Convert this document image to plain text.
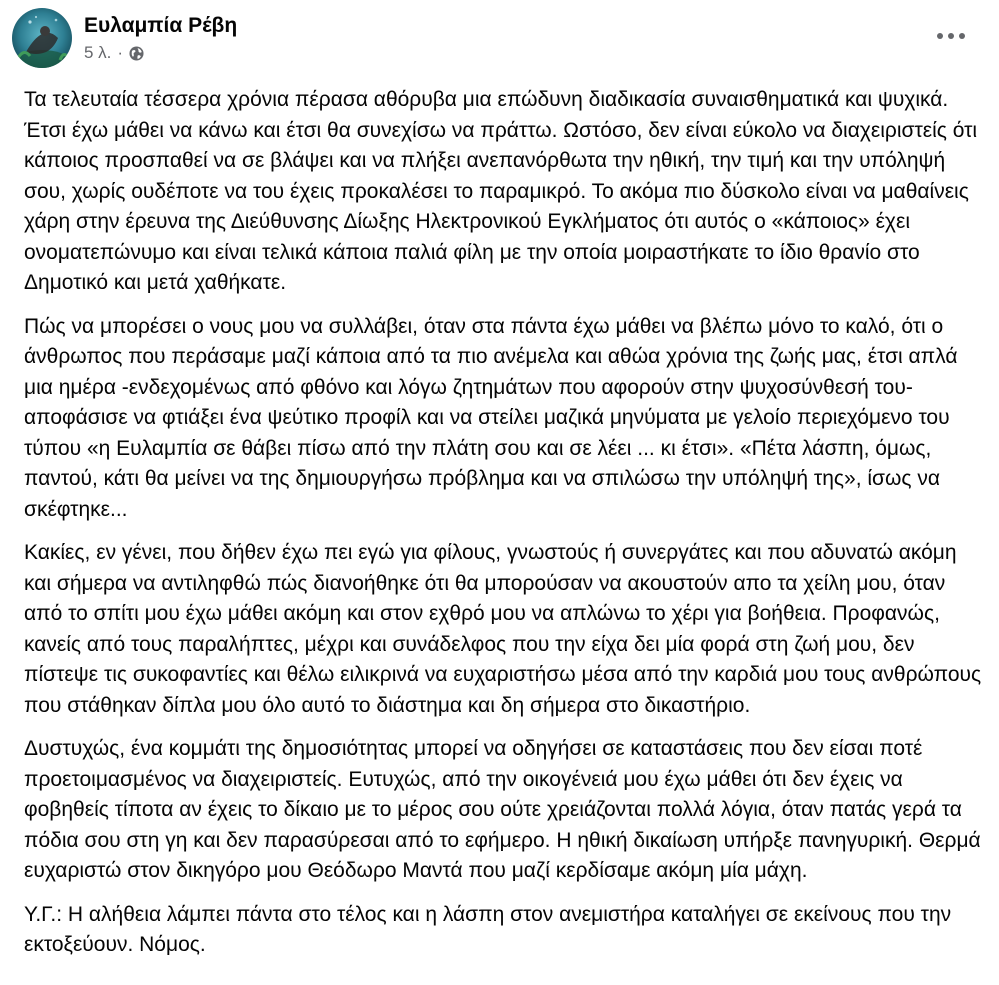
Ευλαμπία Ρέβη
5 λ. ·

Τα τελευταία τέσσερα χρόνια πέρασα αθόρυβα μια επώδυνη διαδικασία συναισθηματικά και ψυχικά. Έτσι έχω μάθει να κάνω και έτσι θα συνεχίσω να πράττω. Ωστόσο, δεν είναι εύκολο να διαχειριστείς ότι κάποιος προσπαθεί να σε βλάψει και να πλήξει ανεπανόρθωτα την ηθική, την τιμή και την υπόληψή σου, χωρίς ουδέποτε να του έχεις προκαλέσει το παραμικρό. Το ακόμα πιο δύσκολο είναι να μαθαίνεις χάρη στην έρευνα της Διεύθυνσης Δίωξης Ηλεκτρονικού Εγκλήματος ότι αυτός ο «κάποιος» έχει ονοματεπώνυμο και είναι τελικά κάποια παλιά φίλη με την οποία μοιραστήκατε το ίδιο θρανίο στο Δημοτικό και μετά χαθήκατε.

Πώς να μπορέσει ο νους μου να συλλάβει, όταν στα πάντα έχω μάθει να βλέπω μόνο το καλό, ότι ο άνθρωπος που περάσαμε μαζί κάποια από τα πιο ανέμελα και αθώα χρόνια της ζωής μας, έτσι απλά μια ημέρα -ενδεχομένως από φθόνο και λόγω ζητημάτων που αφορούν στην ψυχοσύνθεσή του- αποφάσισε να φτιάξει ένα ψεύτικο προφίλ και να στείλει μαζικά μηνύματα με γελοίο περιεχόμενο του τύπου «η Ευλαμπία σε θάβει πίσω από την πλάτη σου και σε λέει ... κι έτσι». «Πέτα λάσπη, όμως, παντού, κάτι θα μείνει να της δημιουργήσω πρόβλημα και να σπιλώσω την υπόληψή της», ίσως να σκέφτηκε...

Κακίες, εν γένει, που δήθεν έχω πει εγώ για φίλους, γνωστούς ή συνεργάτες και που αδυνατώ ακόμη και σήμερα να αντιληφθώ πώς διανοήθηκε ότι θα μπορούσαν να ακουστούν απο τα χείλη μου, όταν από το σπίτι μου έχω μάθει ακόμη και στον εχθρό μου να απλώνω το χέρι για βοήθεια. Προφανώς, κανείς από τους παραλήπτες, μέχρι και συνάδελφος που την είχα δει μία φορά στη ζωή μου, δεν πίστεψε τις συκοφαντίες και θέλω ειλικρινά να ευχαριστήσω μέσα από την καρδιά μου τους ανθρώπους που στάθηκαν δίπλα μου όλο αυτό το διάστημα και δη σήμερα στο δικαστήριο.

Δυστυχώς, ένα κομμάτι της δημοσιότητας μπορεί να οδηγήσει σε καταστάσεις που δεν είσαι ποτέ προετοιμασμένος να διαχειριστείς. Ευτυχώς, από την οικογένειά μου έχω μάθει ότι δεν έχεις να φοβηθείς τίποτα αν έχεις το δίκαιο με το μέρος σου ούτε χρειάζονται πολλά λόγια, όταν πατάς γερά τα πόδια σου στη γη και δεν παρασύρεσαι από το εφήμερο. Η ηθική δικαίωση υπήρξε πανηγυρική. Θερμά ευχαριστώ στον δικηγόρο μου Θεόδωρο Μαντά που μαζί κερδίσαμε ακόμη μία μάχη.

Υ.Γ.: Η αλήθεια λάμπει πάντα στο τέλος και η λάσπη στον ανεμιστήρα καταλήγει σε εκείνους που την εκτοξεύουν. Νόμος.
